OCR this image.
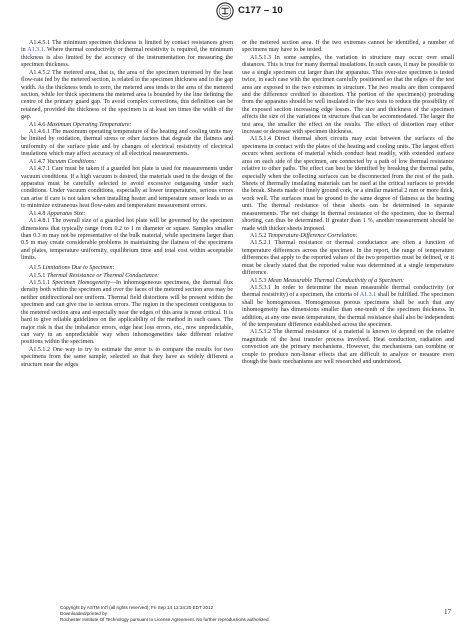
C177 – 10

A1.4.5.1 The minimum specimen thickness is limited by contact resistances given in A1.3.1. Where thermal conductivity or thermal resistivity is required, the minimum thickness is also limited by the accuracy of the instrumentation for measuring the specimen thickness.

A1.4.5.2 The metered area, that is, the area of the specimen traversed by the heat flow-rate fed by the metered section, is related to the specimen thickness and to the gap width. As the thickness tends to zero, the metered area tends to the area of the metered section, while for thick specimens the metered area is bounded by the line defining the centre of the primary guard gap. To avoid complex corrections, this definition can be retained, provided the thickness of the specimen is at least ten times the width of the gap.

A1.4.6 Maximum Operating Temperature:

A1.4.6.1 The maximum operating temperature of the heating and cooling units may be limited by oxidation, thermal stress or other factors that degrade the flatness and uniformity of the surface plate and by changes of electrical resistivity of electrical insulations which may affect accuracy of all electrical measurements.

A1.4.7 Vacuum Conditions:

A1.4.7.1 Care must be taken if a guarded hot plate is used for measurements under vacuum conditions. If a high vacuum is desired, the materials used in the design of the apparatus must be carefully selected to avoid excessive outgassing under such conditions. Under vacuum conditions, especially at lower temperatures, serious errors can arise if care is not taken when installing heater and temperature sensor leads so as to minimize extraneous heat flow-rates and temperature measurement errors.

A1.4.8 Apparatus Size:

A1.4.8.1 The overall size of a guarded hot plate will be governed by the specimen dimensions that typically range from 0.2 to 1 m diameter or square. Samples smaller than 0.3 m may not be representative of the bulk material, while specimens larger than 0.5 m may create considerable problems in maintaining the flatness of the specimens and plates, temperature uniformity, equilibrium time and total cost within acceptable limits.

A1.5 Limitations Due to Specimen:

A1.5.1 Thermal Resistance or Thermal Conductance:

A1.5.1.1 Specimen Homogeneity—In inhomogeneous specimens, the thermal flux density both within the specimen and over the faces of the metered section area may be neither unidirectional nor uniform. Thermal field distortions will be present within the specimen and can give rise to serious errors. The region in the specimen contiguous to the metered section area and especially near the edges of this area is most critical. It is hard to give reliable guidelines on the applicability of the method in such cases. The major risk is that the imbalance errors, edge heat loss errors, etc., now unpredictable, can vary in an unpredictable way when inhomogeneities take different relative positions within the specimen.

A1.5.1.2 One way to try to estimate the error is to compare the results for two specimens from the same sample, selected so that they have as widely different a structure near the edges

or the metered section area. If the two extremes cannot be identified, a number of specimens may have to be tested.

A1.5.1.3 In some samples, the variation in structure may occur over small distances. This is true for many thermal insulations. In such cases, it may be possible to use a single specimen cut larger than the apparatus. This over-size specimen is tested twice, in each case with the specimen carefully positioned so that the edges of the test area are exposed to the two extremes in structure. The two results are then compared and the difference credited to distortion. The portion of the specimen(s) protruding from the apparatus should be well insulated in the two tests to reduce the possibility of the exposed section increasing edge losses. The size and thickness of the specimen affects the size of the variations in structure that can be accommodated. The larger the test area, the smaller the effect on the results. The effect of distortion may either increase or decrease with specimen thickness.

A1.5.1.4 Direct thermal short circuits may exist between the surfaces of the specimens in contact with the plates of the heating and cooling units. The largest effect occurs when sections of material which conduct heat readily, with extended surface area on each side of the specimen, are connected by a path of low thermal resistance relative to other paths. The effect can best be identified by breaking the thermal paths, especially when the collecting surfaces can be disconnected from the rest of the path. Sheets of thermally insulating materials can be used at the critical surfaces to provide the break. Sheets made of finely ground cork, or a similar material 2 mm or more thick, work well. The surfaces must be ground to the same degree of flatness as the heating unit. The thermal resistance of these sheets can be determined in separate measurements. The net change in thermal resistance of the specimen, due to thermal shorting, can thus be determined. If greater than 1 %, another measurement should be made with thicker sheets imposed.

A1.5.2 Temperature-Difference Correlation:

A1.5.2.1 Thermal resistance or thermal conductance are often a function of temperature differences across the specimen. In the report, the range of temperature differences that apply to the reported values of the two properties must be defined, or it must be clearly stated that the reported value was determined at a single temperature difference.

A1.5.3 Mean Measurable Thermal Conductivity of a Specimen:

A1.5.3.1 In order to determine the mean measurable thermal conductivity (or thermal resistivity) of a specimen, the criteria of A1.3.1 shall be fulfilled. The specimen shall be homogeneous. Homogeneous porous specimens shall be such that any inhomogeneity has dimensions smaller than one-tenth of the specimen thickness. In addition, at any one mean temperature, the thermal resistance shall also be independent of the temperature difference established across the specimen.

A1.5.3.2 The thermal resistance of a material is known to depend on the relative magnitude of the heat transfer process involved. Heat conduction, radiation and convection are the primary mechanisms. However, the mechanisms can combine or couple to produce non-linear effects that are difficult to analyze or measure even though the basic mechanisms are well researched and understood.

Copyright by ASTM Int'l (all rights reserved); Fri Sep 14 12:34:20 EDT 2012
Downloaded/printed by
Rochester Institute Of Technology pursuant to License Agreement. No further reproductions authorized.
17
